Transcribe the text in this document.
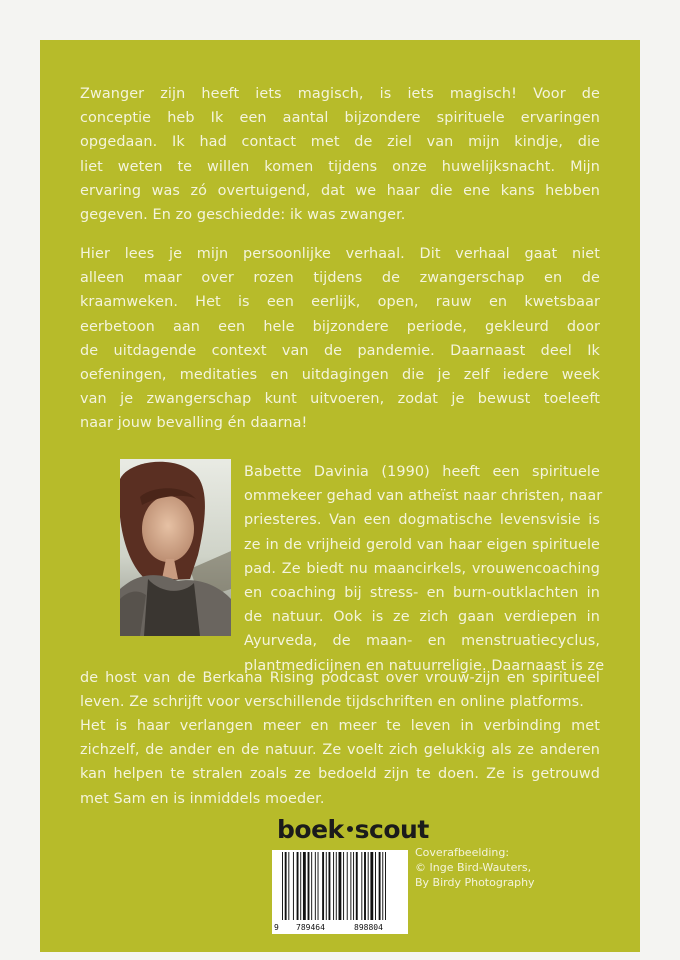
Zwanger zijn heeft iets magisch, is iets magisch! Voor de
conceptie heb Ik een aantal bijzondere spirituele ervaringen
opgedaan. Ik had contact met de ziel van mijn kindje, die
liet weten te willen komen tijdens onze huwelijksnacht. Mijn
ervaring was zó overtuigend, dat we haar die ene kans hebben
gegeven. En zo geschiedde: ik was zwanger.
Hier lees je mijn persoonlijke verhaal. Dit verhaal gaat niet
alleen maar over rozen tijdens de zwangerschap en de
kraamweken. Het is een eerlijk, open, rauw en kwetsbaar
eerbetoon aan een hele bijzondere periode, gekleurd door
de uitdagende context van de pandemie. Daarnaast deel Ik
oefeningen, meditaties en uitdagingen die je zelf iedere week
van je zwangerschap kunt uitvoeren, zodat je bewust toeleeft
naar jouw bevalling én daarna!
Babette Davinia (1990) heeft een spirituele
ommekeer gehad van atheïst naar christen, naar
priesteres. Van een dogmatische levensvisie is
ze in de vrijheid gerold van haar eigen spirituele
pad. Ze biedt nu maancirkels, vrouwencoaching
en coaching bij stress- en burn-outklachten in
de natuur. Ook is ze zich gaan verdiepen in
Ayurveda, de maan- en menstruatiecyclus,
plantmedicijnen en natuurreligie. Daarnaast is ze
de host van de Berkana Rising podcast over vrouw-zijn en spiritueel
leven. Ze schrijft voor verschillende tijdschriften en online platforms.
Het is haar verlangen meer en meer te leven in verbinding met
zichzelf, de ander en de natuur. Ze voelt zich gelukkig als ze anderen
kan helpen te stralen zoals ze bedoeld zijn te doen. Ze is getrouwd
met Sam en is inmiddels moeder.
boek scout
9 789464	898804
Coverafbeelding:
© Inge Bird-Wauters,
By Birdy Photography
